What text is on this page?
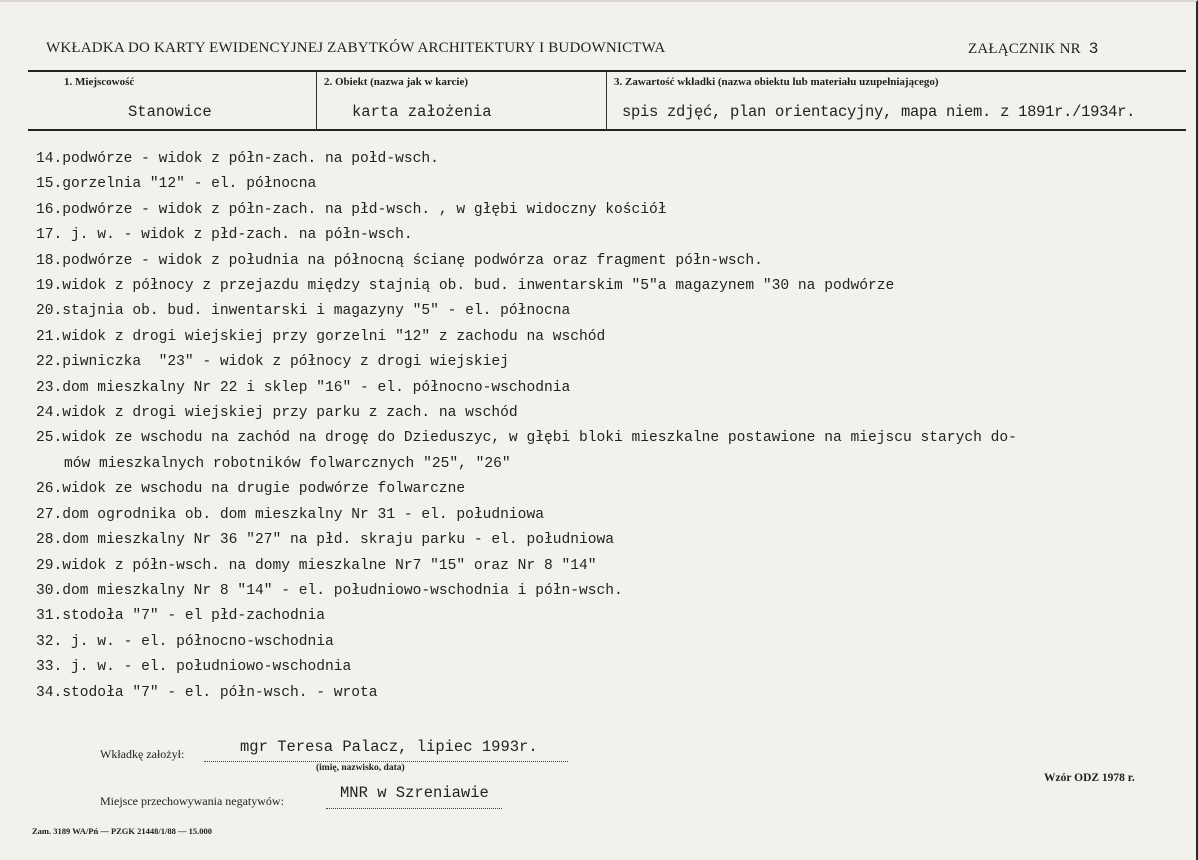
WKŁADKA DO KARTY EWIDENCYJNEJ ZABYTKÓW ARCHITEKTURY I BUDOWNICTWA	ZAŁĄCZNIK NR 3
1. Miejscowość
Stanowice
2. Obiekt (nazwa jak w karcie)
karta założenia
3. Zawartość wkładki (nazwa obiektu lub materiału uzupełniającego)
spis zdjęć, plan orientacyjny, mapa niem. z 1891r./1934r.
14.podwórze - widok z półn-zach. na połd-wsch.
15.gorzelnia "12" - el. północna
16.podwórze - widok z półn-zach. na płd-wsch. , w głębi widoczny kościół
17. j. w. - widok z płd-zach. na półn-wsch.
18.podwórze - widok z południa na północną ścianę podwórza oraz fragment półn-wsch.
19.widok z północy z przejazdu między stajnią ob. bud. inwentarskim "5"a magazynem "30 na podwórze
20.stajnia ob. bud. inwentarski i magazyny "5" - el. północna
21.widok z drogi wiejskiej przy gorzelni "12" z zachodu na wschód
22.piwniczka  "23" - widok z północy z drogi wiejskiej
23.dom mieszkalny Nr 22 i sklep "16" - el. północno-wschodnia
24.widok z drogi wiejskiej przy parku z zach. na wschód
25.widok ze wschodu na zachód na drogę do Dzieduszyc, w głębi bloki mieszkalne postawione na miejscu starych do-
mów mieszkalnych robotników folwarcznych "25", "26"
26.widok ze wschodu na drugie podwórze folwarczne
27.dom ogrodnika ob. dom mieszkalny Nr 31 - el. południowa
28.dom mieszkalny Nr 36 "27" na płd. skraju parku - el. południowa
29.widok z półn-wsch. na domy mieszkalne Nr7 "15" oraz Nr 8 "14"
30.dom mieszkalny Nr 8 "14" - el. południowo-wschodnia i półn-wsch.
31.stodoła "7" - el płd-zachodnia
32. j. w. - el. północno-wschodnia
33. j. w. - el. południowo-wschodnia
34.stodoła "7" - el. półn-wsch. - wrota
Wkładkę założył:	mgr Teresa Palacz, lipiec 1993r.
(imię, nazwisko, data)
Miejsce przechowywania negatywów:	MNR w Szreniawie
Wzór ODZ 1978 r.
Zam. 3189 WA/Pń — PZGK 21448/1/88 — 15.000
